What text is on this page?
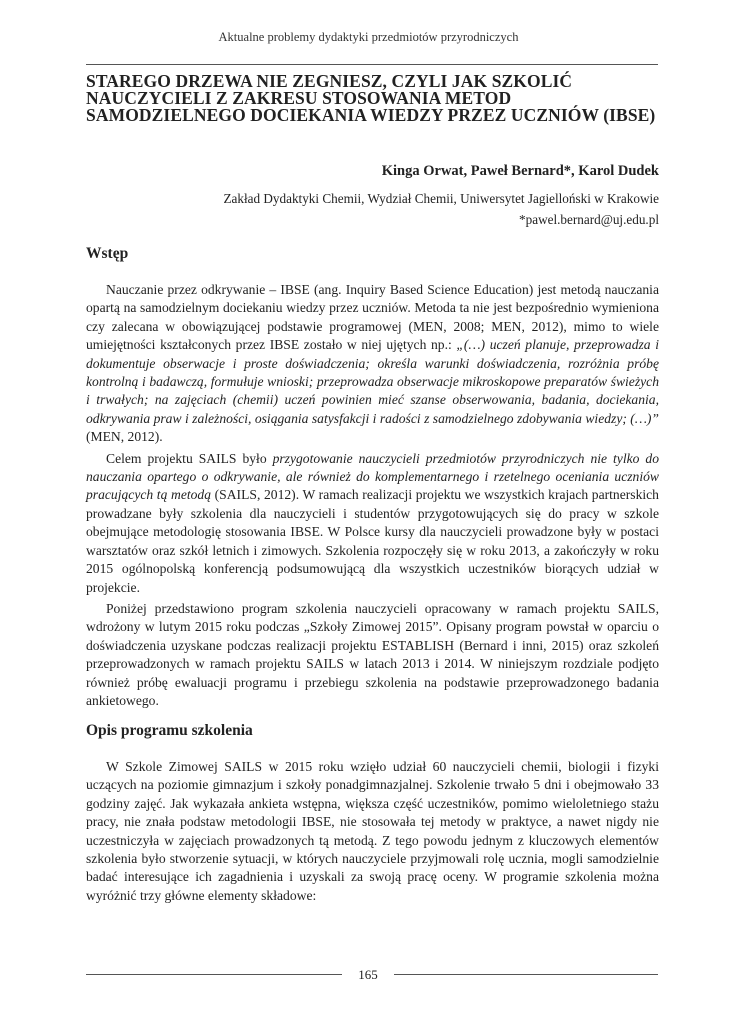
Aktualne problemy dydaktyki przedmiotów przyrodniczych
STAREGO DRZEWA NIE ZEGNIESZ, CZYLI JAK SZKOLIĆ NAUCZYCIELI Z ZAKRESU STOSOWANIA METOD SAMODZIELNEGO DOCIEKANIA WIEDZY PRZEZ UCZNIÓW (IBSE)
Kinga Orwat, Paweł Bernard*, Karol Dudek
Zakład Dydaktyki Chemii, Wydział Chemii, Uniwersytet Jagielloński w Krakowie
*pawel.bernard@uj.edu.pl
Wstęp

Nauczanie przez odkrywanie – IBSE (ang. Inquiry Based Science Education) jest metodą nauczania opartą na samodzielnym dociekaniu wiedzy przez uczniów. Metoda ta nie jest bezpośrednio wymieniona czy zalecana w obowiązującej podstawie programowej (MEN, 2008; MEN, 2012), mimo to wiele umiejętności kształconych przez IBSE zostało w niej ujętych np.: „(…) uczeń planuje, przeprowadza i dokumentuje obserwacje i proste doświadczenia; określa warunki doświadczenia, rozróżnia próbę kontrolną i badawczą, formułuje wnioski; przeprowadza obserwacje mikroskopowe preparatów świeżych i trwałych; na zajęciach (chemii) uczeń powinien mieć szanse obserwowania, badania, dociekania, odkrywania praw i zależności, osiągania satysfakcji i radości z samodzielnego zdobywania wiedzy; (…)” (MEN, 2012).

Celem projektu SAILS było przygotowanie nauczycieli przedmiotów przyrodniczych nie tylko do nauczania opartego o odkrywanie, ale również do komplementarnego i rzetelnego oceniania uczniów pracujących tą metodą (SAILS, 2012). W ramach realizacji projektu we wszystkich krajach partnerskich prowadzane były szkolenia dla nauczycieli i studentów przygotowujących się do pracy w szkole obejmujące metodologię stosowania IBSE. W Polsce kursy dla nauczycieli prowadzone były w postaci warsztatów oraz szkół letnich i zimowych. Szkolenia rozpoczęły się w roku 2013, a zakończyły w roku 2015 ogólnopolską konferencją podsumowującą dla wszystkich uczestników biorących udział w projekcie.

Poniżej przedstawiono program szkolenia nauczycieli opracowany w ramach projektu SAILS, wdrożony w lutym 2015 roku podczas „Szkoły Zimowej 2015”. Opisany program powstał w oparciu o doświadczenia uzyskane podczas realizacji projektu ESTABLISH (Bernard i inni, 2015) oraz szkoleń przeprowadzonych w ramach projektu SAILS w latach 2013 i 2014. W niniejszym rozdziale podjęto również próbę ewaluacji programu i przebiegu szkolenia na podstawie przeprowadzonego badania ankietowego.

Opis programu szkolenia

W Szkole Zimowej SAILS w 2015 roku wzięło udział 60 nauczycieli chemii, biologii i fizyki uczących na poziomie gimnazjum i szkoły ponadgimnazjalnej. Szkolenie trwało 5 dni i obejmowało 33 godziny zajęć. Jak wykazała ankieta wstępna, większa część uczestników, pomimo wieloletniego stażu pracy, nie znała podstaw metodologii IBSE, nie stosowała tej metody w praktyce, a nawet nigdy nie uczestniczyła w zajęciach prowadzonych tą metodą. Z tego powodu jednym z kluczowych elementów szkolenia było stworzenie sytuacji, w których nauczyciele przyjmowali rolę ucznia, mogli samodzielnie badać interesujące ich zagadnienia i uzyskali za swoją pracę oceny. W programie szkolenia można wyróżnić trzy główne elementy składowe:

165
